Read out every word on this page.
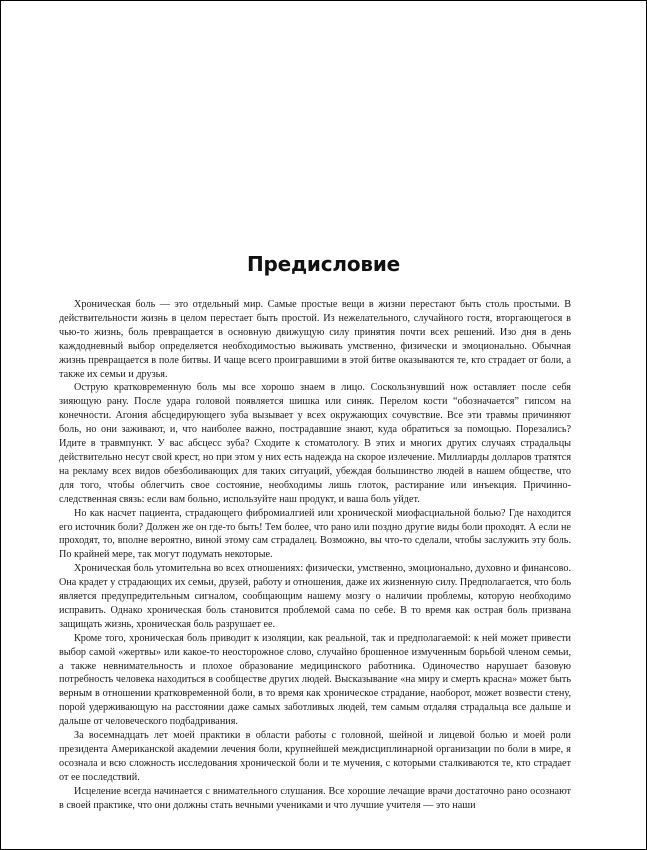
Предисловие

Хроническая боль — это отдельный мир. Самые простые вещи в жизни перестают быть столь простыми. В действительности жизнь в целом перестает быть простой. Из нежелательного, случайного гостя, вторгающегося в чью-то жизнь, боль превращается в основную движущую силу принятия почти всех решений. Изо дня в день каждодневный выбор определяется необходимостью выживать умственно, физически и эмоционально. Обычная жизнь превращается в поле битвы. И чаще всего проигравшими в этой битве оказываются те, кто страдает от боли, а также их семьи и друзья.

Острую кратковременную боль мы все хорошо знаем в лицо. Соскользнувший нож оставляет после себя зияющую рану. После удара головой появляется шишка или синяк. Перелом кости “обозначается” гипсом на конечности. Агония абсцедирующего зуба вызывает у всех окружающих сочувствие. Все эти травмы причиняют боль, но они заживают, и, что наиболее важно, пострадавшие знают, куда обратиться за помощью. Порезались? Идите в травмпункт. У вас абсцесс зуба? Сходите к стоматологу. В этих и многих других случаях страдальцы действительно несут свой крест, но при этом у них есть надежда на скорое излечение. Миллиарды долларов тратятся на рекламу всех видов обезболивающих для таких ситуаций, убеждая большинство людей в нашем обществе, что для того, чтобы облегчить свое состояние, необходимы лишь глоток, растирание или инъекция. Причинно-следственная связь: если вам больно, используйте наш продукт, и ваша боль уйдет.

Но как насчет пациента, страдающего фибромиалгией или хронической миофасциальной болью? Где находится его источник боли? Должен же он где-то быть! Тем более, что рано или поздно другие виды боли проходят. А если не проходят, то, вполне вероятно, виной этому сам страдалец. Возможно, вы что-то сделали, чтобы заслужить эту боль. По крайней мере, так могут подумать некоторые.

Хроническая боль утомительна во всех отношениях: физически, умственно, эмоционально, духовно и финансово. Она крадет у страдающих их семьи, друзей, работу и отношения, даже их жизненную силу. Предполагается, что боль является предупредительным сигналом, сообщающим нашему мозгу о наличии проблемы, которую необходимо исправить. Однако хроническая боль становится проблемой сама по себе. В то время как острая боль призвана защищать жизнь, хроническая боль разрушает ее.

Кроме того, хроническая боль приводит к изоляции, как реальной, так и предполагаемой: к ней может привести выбор самой «жертвы» или какое-то неосторожное слово, случайно брошенное измученным борьбой членом семьи, а также невнимательность и плохое образование медицинского работника. Одиночество нарушает базовую потребность человека находиться в сообществе других людей. Высказывание «на миру и смерть красна» может быть верным в отношении кратковременной боли, в то время как хроническое страдание, наоборот, может возвести стену, порой удерживающую на расстоянии даже самых заботливых людей, тем самым отдаляя страдальца все дальше и дальше от человеческого подбадривания.

За восемнадцать лет моей практики в области работы с головной, шейной и лицевой болью и моей роли президента Американской академии лечения боли, крупнейшей междисциплинарной организации по боли в мире, я осознала и всю сложность исследования хронической боли и те мучения, с которыми сталкиваются те, кто страдает от ее последствий.

Исцеление всегда начинается с внимательного слушания. Все хорошие лечащие врачи достаточно рано осознают в своей практике, что они должны стать вечными учениками и что лучшие учителя — это наши
